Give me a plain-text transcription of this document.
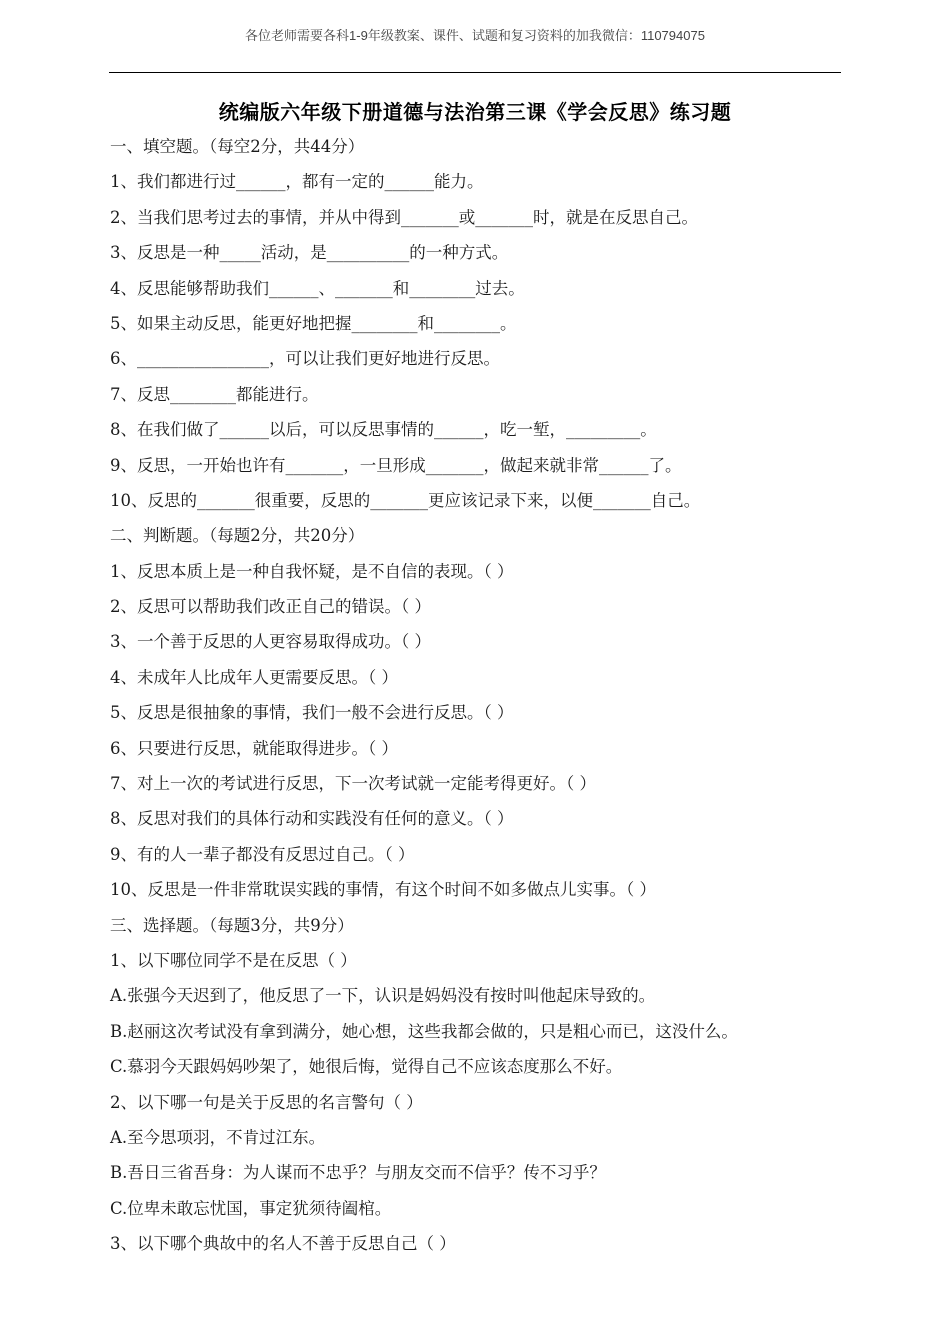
各位老师需要各科1-9年级教案、课件、试题和复习资料的加我微信：110794075
统编版六年级下册道德与法治第三课《学会反思》练习题
一、填空题。（每空2分，共44分）
1、我们都进行过______，都有一定的______能力。
2、当我们思考过去的事情，并从中得到_______或_______时，就是在反思自己。
3、反思是一种_____活动，是__________的一种方式。
4、反思能够帮助我们______、_______和________过去。
5、如果主动反思，能更好地把握________和________。
6、________________，可以让我们更好地进行反思。
7、反思________都能进行。
8、在我们做了______以后，可以反思事情的______，吃一堑，_________。
9、反思，一开始也许有_______，一旦形成_______，做起来就非常______了。
10、反思的_______很重要，反思的_______更应该记录下来，以便_______自己。
二、判断题。（每题2分，共20分）
1、反思本质上是一种自我怀疑，是不自信的表现。（ ）
2、反思可以帮助我们改正自己的错误。（ ）
3、一个善于反思的人更容易取得成功。（ ）
4、未成年人比成年人更需要反思。（ ）
5、反思是很抽象的事情，我们一般不会进行反思。（ ）
6、只要进行反思，就能取得进步。（ ）
7、对上一次的考试进行反思，下一次考试就一定能考得更好。（ ）
8、反思对我们的具体行动和实践没有任何的意义。（ ）
9、有的人一辈子都没有反思过自己。（ ）
10、反思是一件非常耽误实践的事情，有这个时间不如多做点儿实事。（ ）
三、选择题。（每题3分，共9分）
1、以下哪位同学不是在反思（ ）
A.张强今天迟到了，他反思了一下，认识是妈妈没有按时叫他起床导致的。
B.赵丽这次考试没有拿到满分，她心想，这些我都会做的，只是粗心而已，这没什么。
C.慕羽今天跟妈妈吵架了，她很后悔，觉得自己不应该态度那么不好。
2、以下哪一句是关于反思的名言警句（ ）
A.至今思项羽，不肯过江东。
B.吾日三省吾身：为人谋而不忠乎？与朋友交而不信乎？传不习乎？
C.位卑未敢忘忧国，事定犹须待阖棺。
3、以下哪个典故中的名人不善于反思自己（ ）
